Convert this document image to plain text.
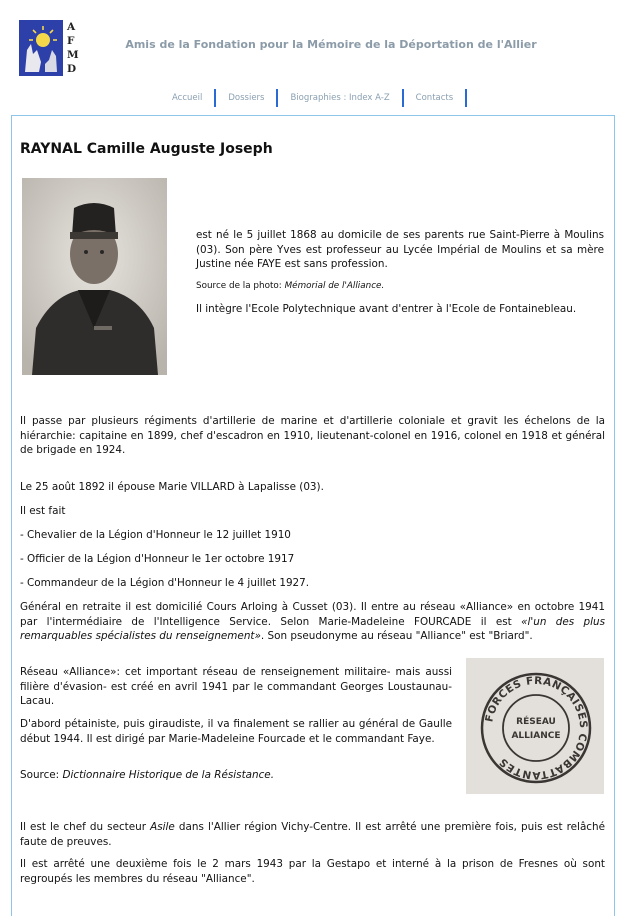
A
F
M
D
Amis de la Fondation pour la Mémoire de la Déportation de l'Allier
Accueil	Dossiers	Biographies : Index A-Z	Contacts
RAYNAL Camille Auguste Joseph

est né le 5 juillet 1868 au domicile de ses parents rue Saint-Pierre à Moulins (03). Son père Yves est professeur au Lycée Impérial de Moulins et sa mère Justine née FAYE est sans profession.

Source de la photo: Mémorial de l'Alliance.

Il intègre l'Ecole Polytechnique avant d'entrer à l'Ecole de Fontainebleau.

Il passe par plusieurs régiments d'artillerie de marine et d'artillerie coloniale et gravit les échelons de la hiérarchie: capitaine en 1899, chef d'escadron en 1910, lieutenant-colonel en 1916, colonel en 1918 et général de brigade en 1924.

Le 25 août 1892 il épouse Marie VILLARD à Lapalisse (03).

Il est fait

- Chevalier de la Légion d'Honneur le 12 juillet 1910

- Officier de la Légion d'Honneur le 1er octobre 1917

- Commandeur de la Légion d'Honneur le 4 juillet 1927.

Général en retraite il est domicilié Cours Arloing à Cusset (03). Il entre au réseau «Alliance» en octobre 1941 par l'intermédiaire de l'Intelligence Service. Selon Marie-Madeleine FOURCADE il est «l'un des plus remarquables spécialistes du renseignement». Son pseudonyme au réseau "Alliance" est "Briard".

Réseau «Alliance»: cet important réseau de renseignement militaire- mais aussi filière d'évasion- est créé en avril 1941 par le commandant Georges Loustaunau-Lacau.

D'abord pétainiste, puis giraudiste, il va finalement se rallier au général de Gaulle début 1944. Il est dirigé par Marie-Madeleine Fourcade et le commandant Faye.

Source: Dictionnaire Historique de la Résistance.

FORCES FRANÇAISES COMBATTANTES
RÉSEAU
ALLIANCE

Il est le chef du secteur Asile dans l'Allier région Vichy-Centre. Il est arrêté une première fois, puis est relâché faute de preuves.

Il est arrêté une deuxième fois le 2 mars 1943 par la Gestapo et interné à la prison de Fresnes où sont regroupés les membres du réseau "Alliance".
